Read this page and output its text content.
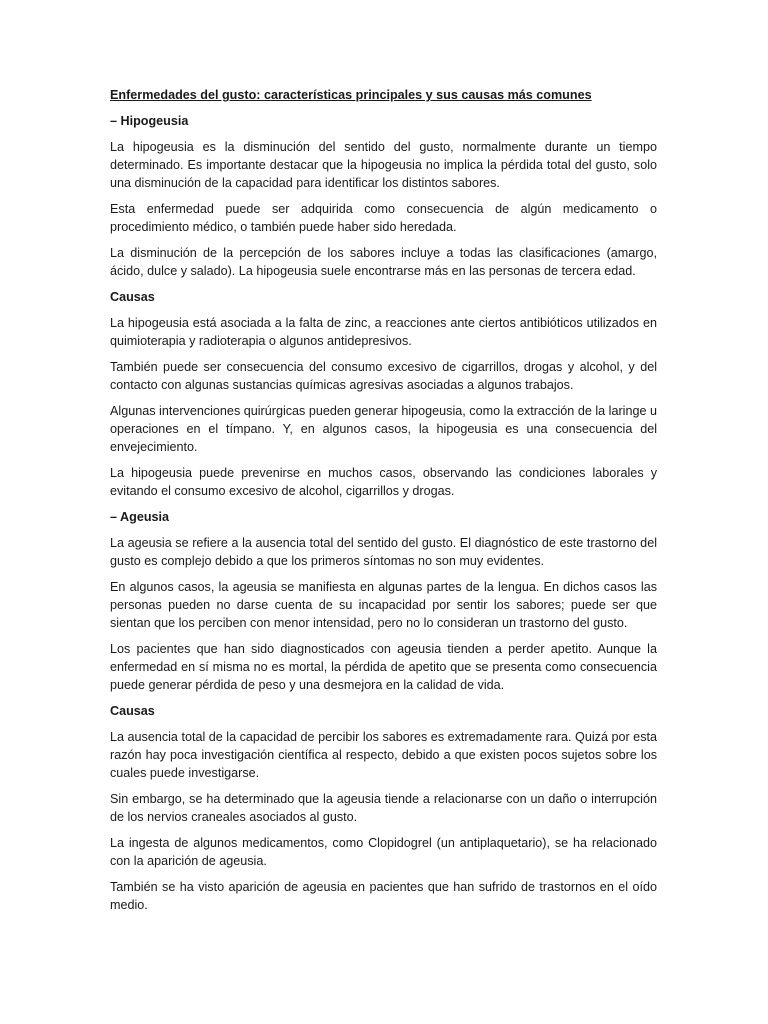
Enfermedades del gusto: características principales y sus causas más comunes
– Hipogeusia
La hipogeusia es la disminución del sentido del gusto, normalmente durante un tiempo determinado. Es importante destacar que la hipogeusia no implica la pérdida total del gusto, solo una disminución de la capacidad para identificar los distintos sabores.
Esta enfermedad puede ser adquirida como consecuencia de algún medicamento o procedimiento médico, o también puede haber sido heredada.
La disminución de la percepción de los sabores incluye a todas las clasificaciones (amargo, ácido, dulce y salado). La hipogeusia suele encontrarse más en las personas de tercera edad.
Causas
La hipogeusia está asociada a la falta de zinc, a reacciones ante ciertos antibióticos utilizados en quimioterapia y radioterapia o algunos antidepresivos.
También puede ser consecuencia del consumo excesivo de cigarrillos, drogas y alcohol, y del contacto con algunas sustancias químicas agresivas asociadas a algunos trabajos.
Algunas intervenciones quirúrgicas pueden generar hipogeusia, como la extracción de la laringe u operaciones en el tímpano. Y, en algunos casos, la hipogeusia es una consecuencia del envejecimiento.
La hipogeusia puede prevenirse en muchos casos, observando las condiciones laborales y evitando el consumo excesivo de alcohol, cigarrillos y drogas.
– Ageusia
La ageusia se refiere a la ausencia total del sentido del gusto. El diagnóstico de este trastorno del gusto es complejo debido a que los primeros síntomas no son muy evidentes.
En algunos casos, la ageusia se manifiesta en algunas partes de la lengua. En dichos casos las personas pueden no darse cuenta de su incapacidad por sentir los sabores; puede ser que sientan que los perciben con menor intensidad, pero no lo consideran un trastorno del gusto.
Los pacientes que han sido diagnosticados con ageusia tienden a perder apetito. Aunque la enfermedad en sí misma no es mortal, la pérdida de apetito que se presenta como consecuencia puede generar pérdida de peso y una desmejora en la calidad de vida.
Causas
La ausencia total de la capacidad de percibir los sabores es extremadamente rara. Quizá por esta razón hay poca investigación científica al respecto, debido a que existen pocos sujetos sobre los cuales puede investigarse.
Sin embargo, se ha determinado que la ageusia tiende a relacionarse con un daño o interrupción de los nervios craneales asociados al gusto.
La ingesta de algunos medicamentos, como Clopidogrel (un antiplaquetario), se ha relacionado con la aparición de ageusia.
También se ha visto aparición de ageusia en pacientes que han sufrido de trastornos en el oído medio.
